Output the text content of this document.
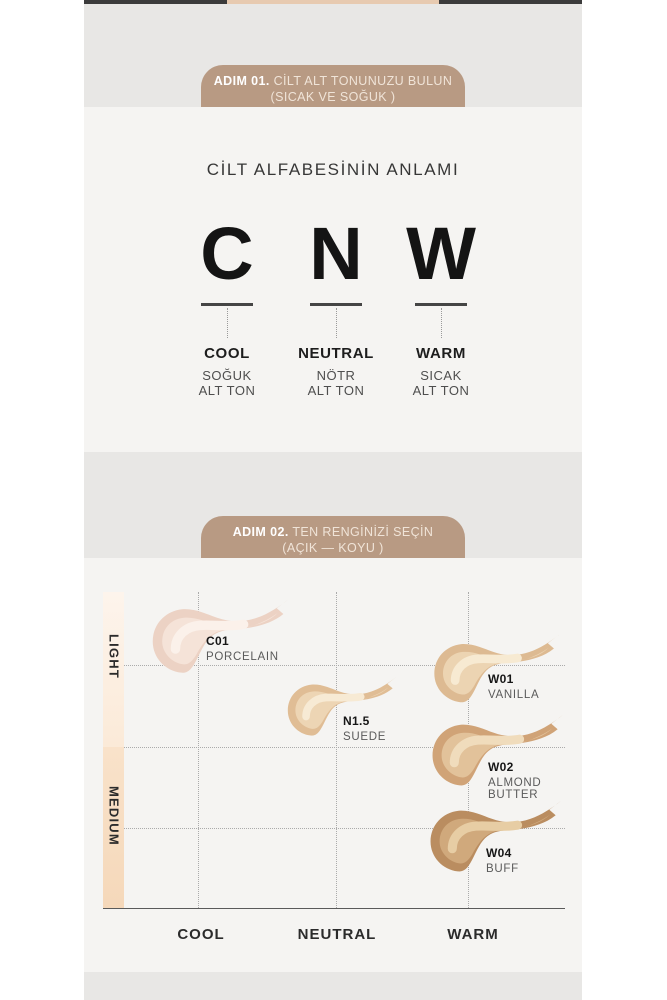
ADIM 01. CİLT ALT TONUNUZU BULUN
(SICAK VE SOĞUK )
CİLT ALFABESİNİN ANLAMI
C
COOL
SOĞUK
ALT TON
N
NEUTRAL
NÖTR
ALT TON
W
WARM
SICAK
ALT TON
ADIM 02. TEN RENGİNİZİ SEÇİN
(AÇIK — KOYU )
LIGHT
MEDIUM
C01
PORCELAIN
N1.5
SUEDE
W01
VANILLA
W02
ALMOND BUTTER
W04
BUFF
COOL	NEUTRAL	WARM
